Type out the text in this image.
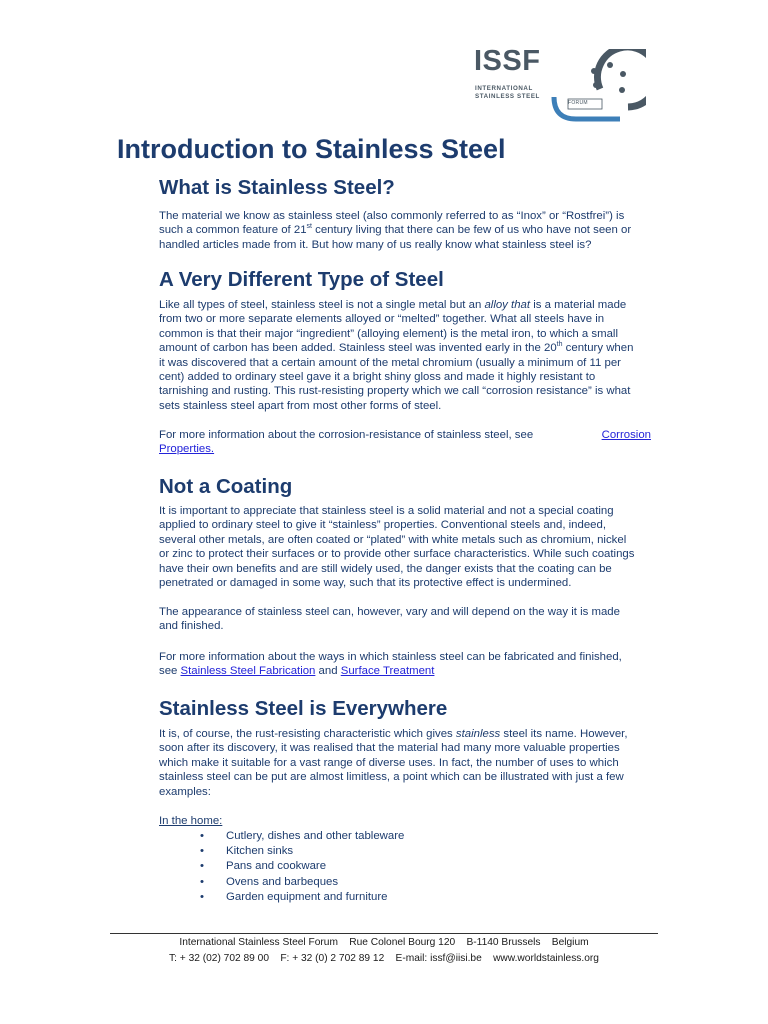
ISSF
INTERNATIONAL
STAINLESS STEEL
FORUM
Introduction to Stainless Steel
What is Stainless Steel?
The material we know as stainless steel (also commonly referred to as “Inox” or “Rostfrei”) is
such a common feature of 21st century living that there can be few of us who have not seen or
handled articles made from it. But how many of us really know what stainless steel is?
A Very Different Type of Steel
Like all types of steel, stainless steel is not a single metal but an alloy that is a material made
from two or more separate elements alloyed or “melted” together. What all steels have in
common is that their major “ingredient” (alloying element) is the metal iron, to which a small
amount of carbon has been added. Stainless steel was invented early in the 20th century when
it was discovered that a certain amount of the metal chromium (usually a minimum of 11 per
cent) added to ordinary steel gave it a bright shiny gloss and made it highly resistant to
tarnishing and rusting. This rust-resisting property which we call “corrosion resistance” is what
sets stainless steel apart from most other forms of steel.
For more information about the corrosion-resistance of stainless steel, see	Corrosion
Properties.
Not a Coating
It is important to appreciate that stainless steel is a solid material and not a special coating
applied to ordinary steel to give it “stainless” properties. Conventional steels and, indeed,
several other metals, are often coated or “plated” with white metals such as chromium, nickel
or zinc to protect their surfaces or to provide other surface characteristics. While such coatings
have their own benefits and are still widely used, the danger exists that the coating can be
penetrated or damaged in some way, such that its protective effect is undermined.
The appearance of stainless steel can, however, vary and will depend on the way it is made
and finished.
For more information about the ways in which stainless steel can be fabricated and finished,
see Stainless Steel Fabrication and Surface Treatment
Stainless Steel is Everywhere
It is, of course, the rust-resisting characteristic which gives stainless steel its name. However,
soon after its discovery, it was realised that the material had many more valuable properties
which make it suitable for a vast range of diverse uses. In fact, the number of uses to which
stainless steel can be put are almost limitless, a point which can be illustrated with just a few
examples:
In the home:
• Cutlery, dishes and other tableware
• Kitchen sinks
• Pans and cookware
• Ovens and barbeques
• Garden equipment and furniture
International Stainless Steel Forum    Rue Colonel Bourg 120    B-1140 Brussels    Belgium
T: + 32 (02) 702 89 00    F: + 32 (0) 2 702 89 12    E-mail: issf@iisi.be    www.worldstainless.org
